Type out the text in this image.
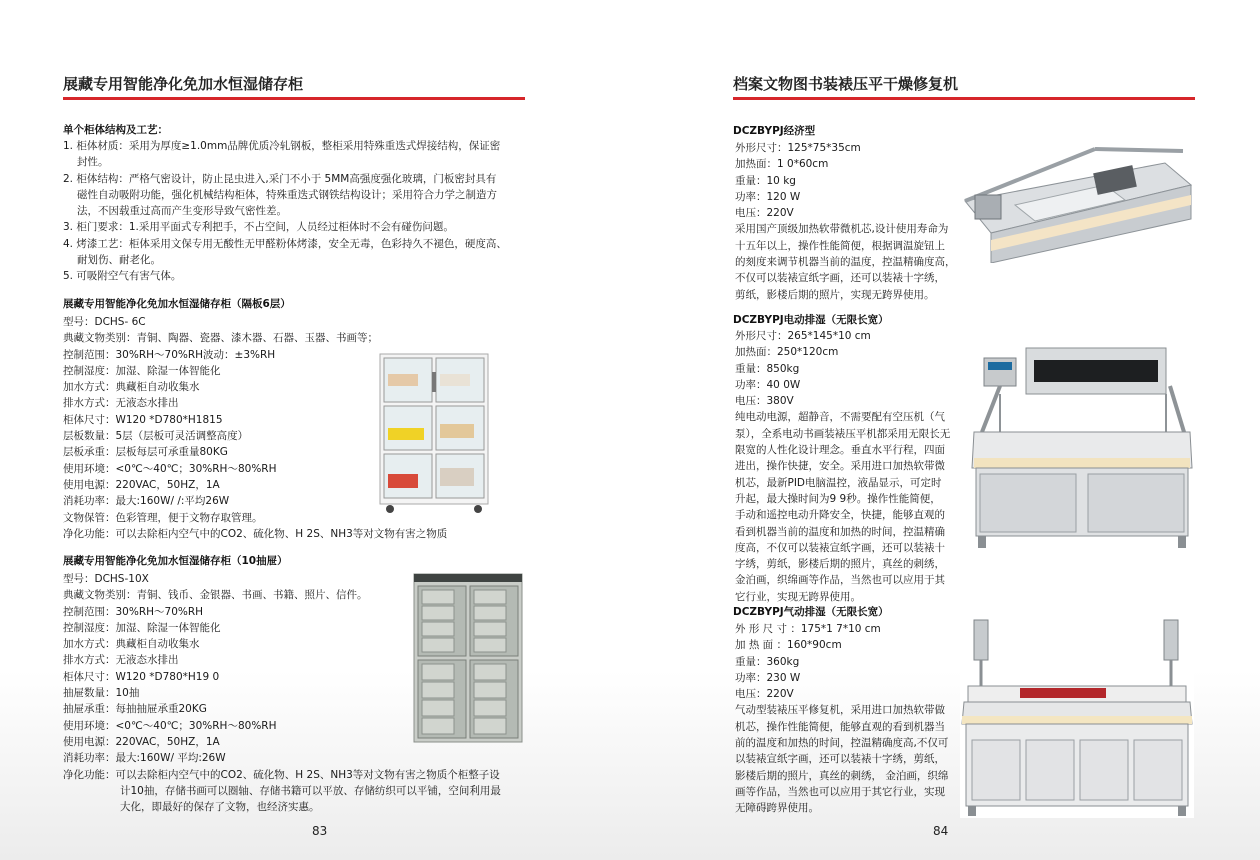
展藏专用智能净化免加水恒湿储存柜
单个柜体结构及工艺：
1. 柜体材质：采用为厚度≥1.0mm品牌优质冷轧钢板，整柜采用特殊重迭式焊接结构，保证密
封性。
2. 柜体结构：严格气密设计，防止昆虫进入,采门不小于 5MM高强度强化玻璃，门板密封具有
磁性自动吸附功能，强化机械结构柜体，特殊重迭式钢铁结构设计；采用符合力学之制造方
法，不因载重过高而产生变形导致气密性差。
3. 柜门要求：1.采用平面式专利把手，不占空间，人员经过柜体时不会有碰伤问题。
4. 烤漆工艺：柜体采用文保专用无酸性无甲醛粉体烤漆，安全无毒，色彩持久不褪色，硬度高、
耐划伤、耐老化。
5. 可吸附空气有害气体。
展藏专用智能净化免加水恒湿储存柜（隔板6层）
型号：DCHS- 6C
典藏文物类别：青铜、陶器、瓷器、漆木器、石器、玉器、书画等；
控制范围：30%RH～70%RH波动：±3%RH
控制湿度：加湿、除湿一体智能化
加水方式：典藏柜自动收集水
排水方式：无液态水排出
柜体尺寸：W120 *D780*H1815
层板数量：5层（层板可灵活调整高度）
层板承重：层板每层可承重量80KG
使用环境：<0℃～40℃；30%RH～80%RH
使用电源：220VAC，50HZ，1A
消耗功率：最大:160W/ /:平均26W
文物保管：色彩管理，便于文物存取管理。
净化功能：可以去除柜内空气中的CO2、硫化物、H 2S、NH3等对文物有害之物质
展藏专用智能净化免加水恒湿储存柜（10抽屉）
型号：DCHS-10X
典藏文物类别：青铜、钱币、金银器、书画、书籍、照片、信件。
控制范围：30%RH～70%RH
控制湿度：加湿、除湿一体智能化
加水方式：典藏柜自动收集水
排水方式：无液态水排出
柜体尺寸：W120 *D780*H19 0
抽屉数量：10抽
抽屉承重：每抽抽屉承重20KG
使用环境：<0℃～40℃；30%RH～80%RH
使用电源：220VAC，50HZ，1A
消耗功率：最大:160W/ 平均:26W
净化功能：可以去除柜内空气中的CO2、硫化物、H 2S、NH3等对文物有害之物质个柜整子设
计10抽，存储书画可以圈轴、存储书籍可以平放、存储纺织可以平铺，空间利用最
大化，即最好的保存了文物，也经济实惠。
83
档案文物图书装裱压平干燥修复机
DCZBYPJ经济型
外形尺寸：125*75*35cm
加热面：1 0*60cm
重量：10 kg
功率：120 W
电压：220V
采用国产顶级加热软带微机芯,设计使用寿命为
十五年以上，操作性能简便，根据调温旋钮上
的刻度来调节机器当前的温度，控温精确度高，
不仅可以装裱宣纸字画，还可以装裱十字绣，
剪纸，影楼后期的照片，实现无跨界使用。
DCZBYPJ电动排湿（无限长宽）
外形尺寸：265*145*10 cm
加热面：250*120cm
重量：850kg
功率：40 0W
电压：380V
纯电动电源，超静音，不需要配有空压机（气
泵），全系电动书画装裱压平机都采用无限长无
限宽的人性化设计理念。垂直水平行程，四面
进出，操作快捷，安全。采用进口加热软带微
机芯，最新PID电脑温控，液晶显示，可定时
升起，最大操时间为9 9秒。操作性能简便，
手动和遥控电动升降安全，快捷，能够直观的
看到机器当前的温度和加热的时间，控温精确
度高，不仅可以装裱宣纸字画，还可以装裱十
字绣，剪纸，影楼后期的照片，真丝的刺绣，
金泊画，织绵画等作品，当然也可以应用于其
它行业，实现无跨界使用。
DCZBYPJ气动排湿（无限长宽）
外 形 尺 寸 ：175*1 7*10 cm
加 热 面 ：160*90cm
重量：360kg
功率：230 W
电压：220V
气动型装裱压平修复机，采用进口加热软带做
机芯，操作性能简便，能够直观的看到机器当
前的温度和加热的时间，控温精确度高,不仅可
以装裱宣纸字画，还可以装裱十字绣，剪纸，
影楼后期的照片，真丝的刺绣， 金泊画，织绵
画等作品，当然也可以应用于其它行业，实现
无障碍跨界使用。
84
